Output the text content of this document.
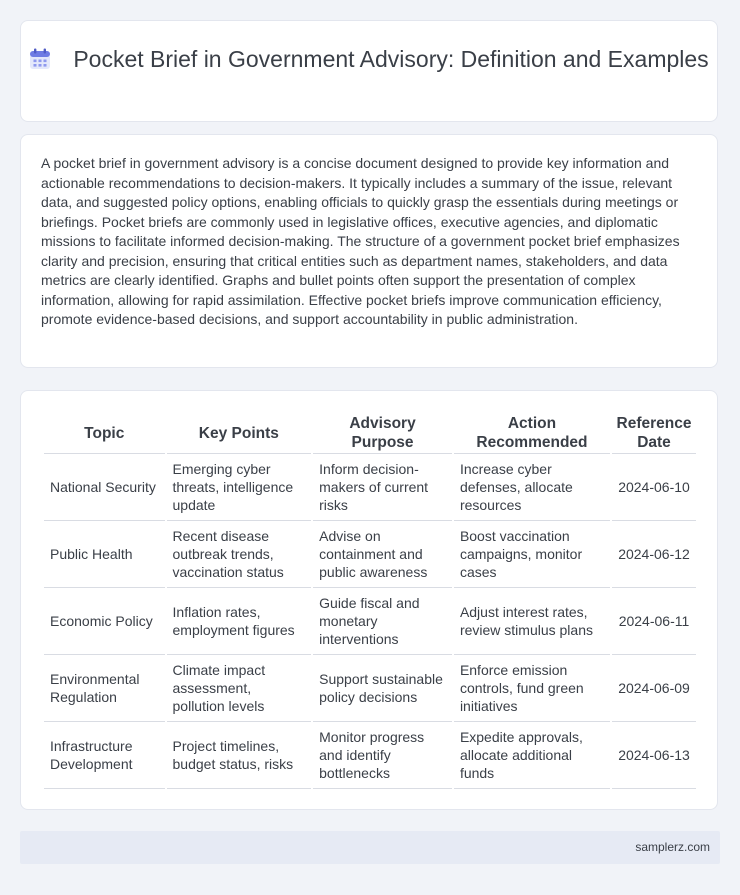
Pocket Brief in Government Advisory: Definition and Examples
A pocket brief in government advisory is a concise document designed to provide key information and actionable recommendations to decision-makers. It typically includes a summary of the issue, relevant data, and suggested policy options, enabling officials to quickly grasp the essentials during meetings or briefings. Pocket briefs are commonly used in legislative offices, executive agencies, and diplomatic missions to facilitate informed decision-making. The structure of a government pocket brief emphasizes clarity and precision, ensuring that critical entities such as department names, stakeholders, and data metrics are clearly identified. Graphs and bullet points often support the presentation of complex information, allowing for rapid assimilation. Effective pocket briefs improve communication efficiency, promote evidence-based decisions, and support accountability in public administration.
Topic	Key Points	Advisory Purpose	Action Recommended	Reference Date
National Security	Emerging cyber threats, intelligence update	Inform decision-makers of current risks	Increase cyber defenses, allocate resources	2024-06-10
Public Health	Recent disease outbreak trends, vaccination status	Advise on containment and public awareness	Boost vaccination campaigns, monitor cases	2024-06-12
Economic Policy	Inflation rates, employment figures	Guide fiscal and monetary interventions	Adjust interest rates, review stimulus plans	2024-06-11
Environmental Regulation	Climate impact assessment, pollution levels	Support sustainable policy decisions	Enforce emission controls, fund green initiatives	2024-06-09
Infrastructure Development	Project timelines, budget status, risks	Monitor progress and identify bottlenecks	Expedite approvals, allocate additional funds	2024-06-13
samplerz.com
